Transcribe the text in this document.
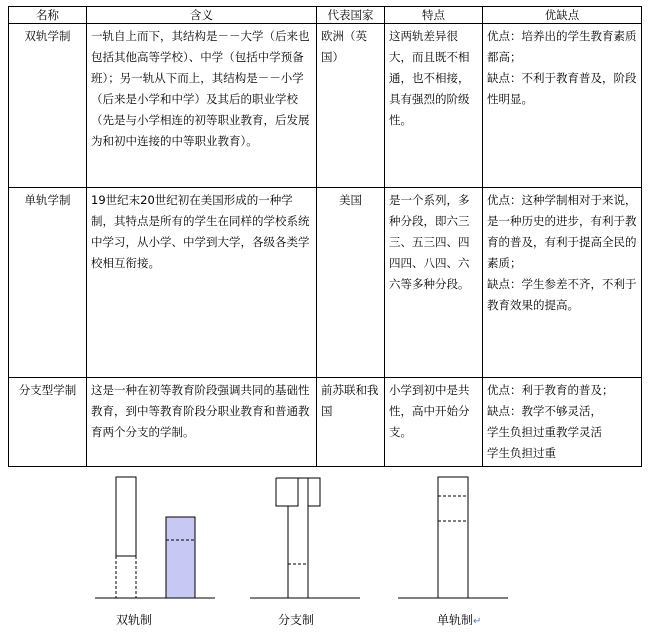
名称	含义	代表国家	特点	优缺点
双轨学制	一轨自上而下，其结构是－－大学（后来也包括其他高等学校）、中学（包括中学预备班）；另一轨从下而上，其结构是－－小学（后来是小学和中学）及其后的职业学校（先是与小学相连的初等职业教育，后发展为和初中连接的中等职业教育）。	欧洲（英国）	这两轨差异很大，而且既不相通，也不相接，具有强烈的阶级性。	优点：培养出的学生教育素质都高；
缺点：不利于教育普及，阶段性明显。

单轨学制	19世纪末20世纪初在美国形成的一种学制，其特点是所有的学生在同样的学校系统中学习，从小学、中学到大学，各级各类学校相互衔接。	美国	是一个系列，多种分段，即六三三、五三四、四四四、八四、六六等多种分段。	优点：这种学制相对于来说，是一种历史的进步，有利于教育的普及，有利于提高全民的素质；
缺点：学生参差不齐，不利于教育效果的提高。

分支型学制	这是一种在初等教育阶段强调共同的基础性教育，到中等教育阶段分职业教育和普通教育两个分支的学制。	前苏联和我国	小学到初中是共性，高中开始分支。	优点：利于教育的普及；
缺点：教学不够灵活，
学生负担过重教学灵活
学生负担过重
双轨制	分支制	单轨制↵
